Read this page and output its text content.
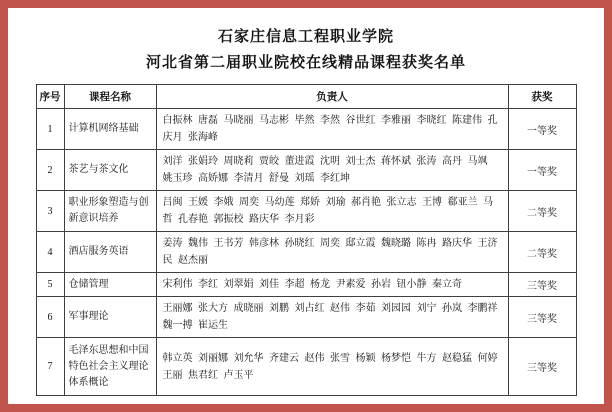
石家庄信息工程职业学院

河北省第二届职业院校在线精品课程获奖名单

序号	课程名称	负责人	获奖
1	计算机网络基础	白振林 唐磊 马晓丽 马志彬 毕然 李然 谷世红 李雅丽 李晓红 陈建伟 孔庆月 张海峰	一等奖
2	茶艺与茶文化	刘洋 张娟玲 周晓莉 贾皎 董进霞 沈明 刘士杰 蒋怀斌 张涛 高丹 马飒 姚玉珍 高娇娜 李清月 舒曼 刘瑶 李红坤	一等奖
3	职业形象塑造与创新意识培养	吕闽 王媛 李娥 周奕 马幼莲 郑娇 刘瑜 郝肖艳 张立志 王博 郗亚兰 马哲 孔春艳 郭振校 路庆华 李月彩	二等奖
4	酒店服务英语	姜涛 魏伟 王书芳 韩彦林 孙晓红 周奕 邸立霞 魏晓璐 陈冉 路庆华 王济民 赵杰丽	二等奖
5	仓储管理	宋利伟 李红 刘翠娟 刘佳 李超 杨龙 尹素爱 孙岩 钮小静 秦立奇	三等奖
6	军事理论	王丽娜 张大方 成晓丽 刘鹏 刘占红 赵伟 李茹 刘园园 刘宁 孙岚 李鹏祥 魏一搏 崔运生	三等奖
7	毛泽东思想和中国特色社会主义理论体系概论	韩立英 刘丽娜 刘允华 齐建云 赵伟 张雪 杨颖 杨梦恺 牛方 赵稳猛 何婷 王丽 焦君红 卢玉平	三等奖
